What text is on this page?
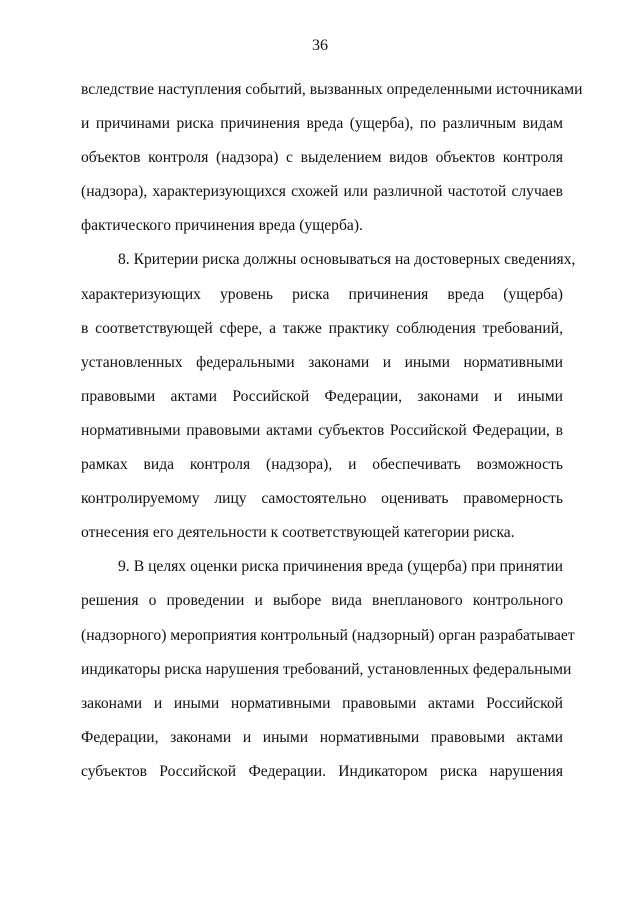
36
вследствие наступления событий, вызванных определенными источниками
и причинами риска причинения вреда (ущерба), по различным видам
объектов контроля (надзора) с выделением видов объектов контроля
(надзора), характеризующихся схожей или различной частотой случаев
фактического причинения вреда (ущерба).
8. Критерии риска должны основываться на достоверных сведениях,
характеризующих уровень риска причинения вреда (ущерба)
в соответствующей сфере, а также практику соблюдения требований,
установленных федеральными законами и иными нормативными
правовыми актами Российской Федерации, законами и иными
нормативными правовыми актами субъектов Российской Федерации, в
рамках вида контроля (надзора), и обеспечивать возможность
контролируемому лицу самостоятельно оценивать правомерность
отнесения его деятельности к соответствующей категории риска.
9. В целях оценки риска причинения вреда (ущерба) при принятии
решения о проведении и выборе вида внепланового контрольного
(надзорного) мероприятия контрольный (надзорный) орган разрабатывает
индикаторы риска нарушения требований, установленных федеральными
законами и иными нормативными правовыми актами Российской
Федерации, законами и иными нормативными правовыми актами
субъектов Российской Федерации. Индикатором риска нарушения
